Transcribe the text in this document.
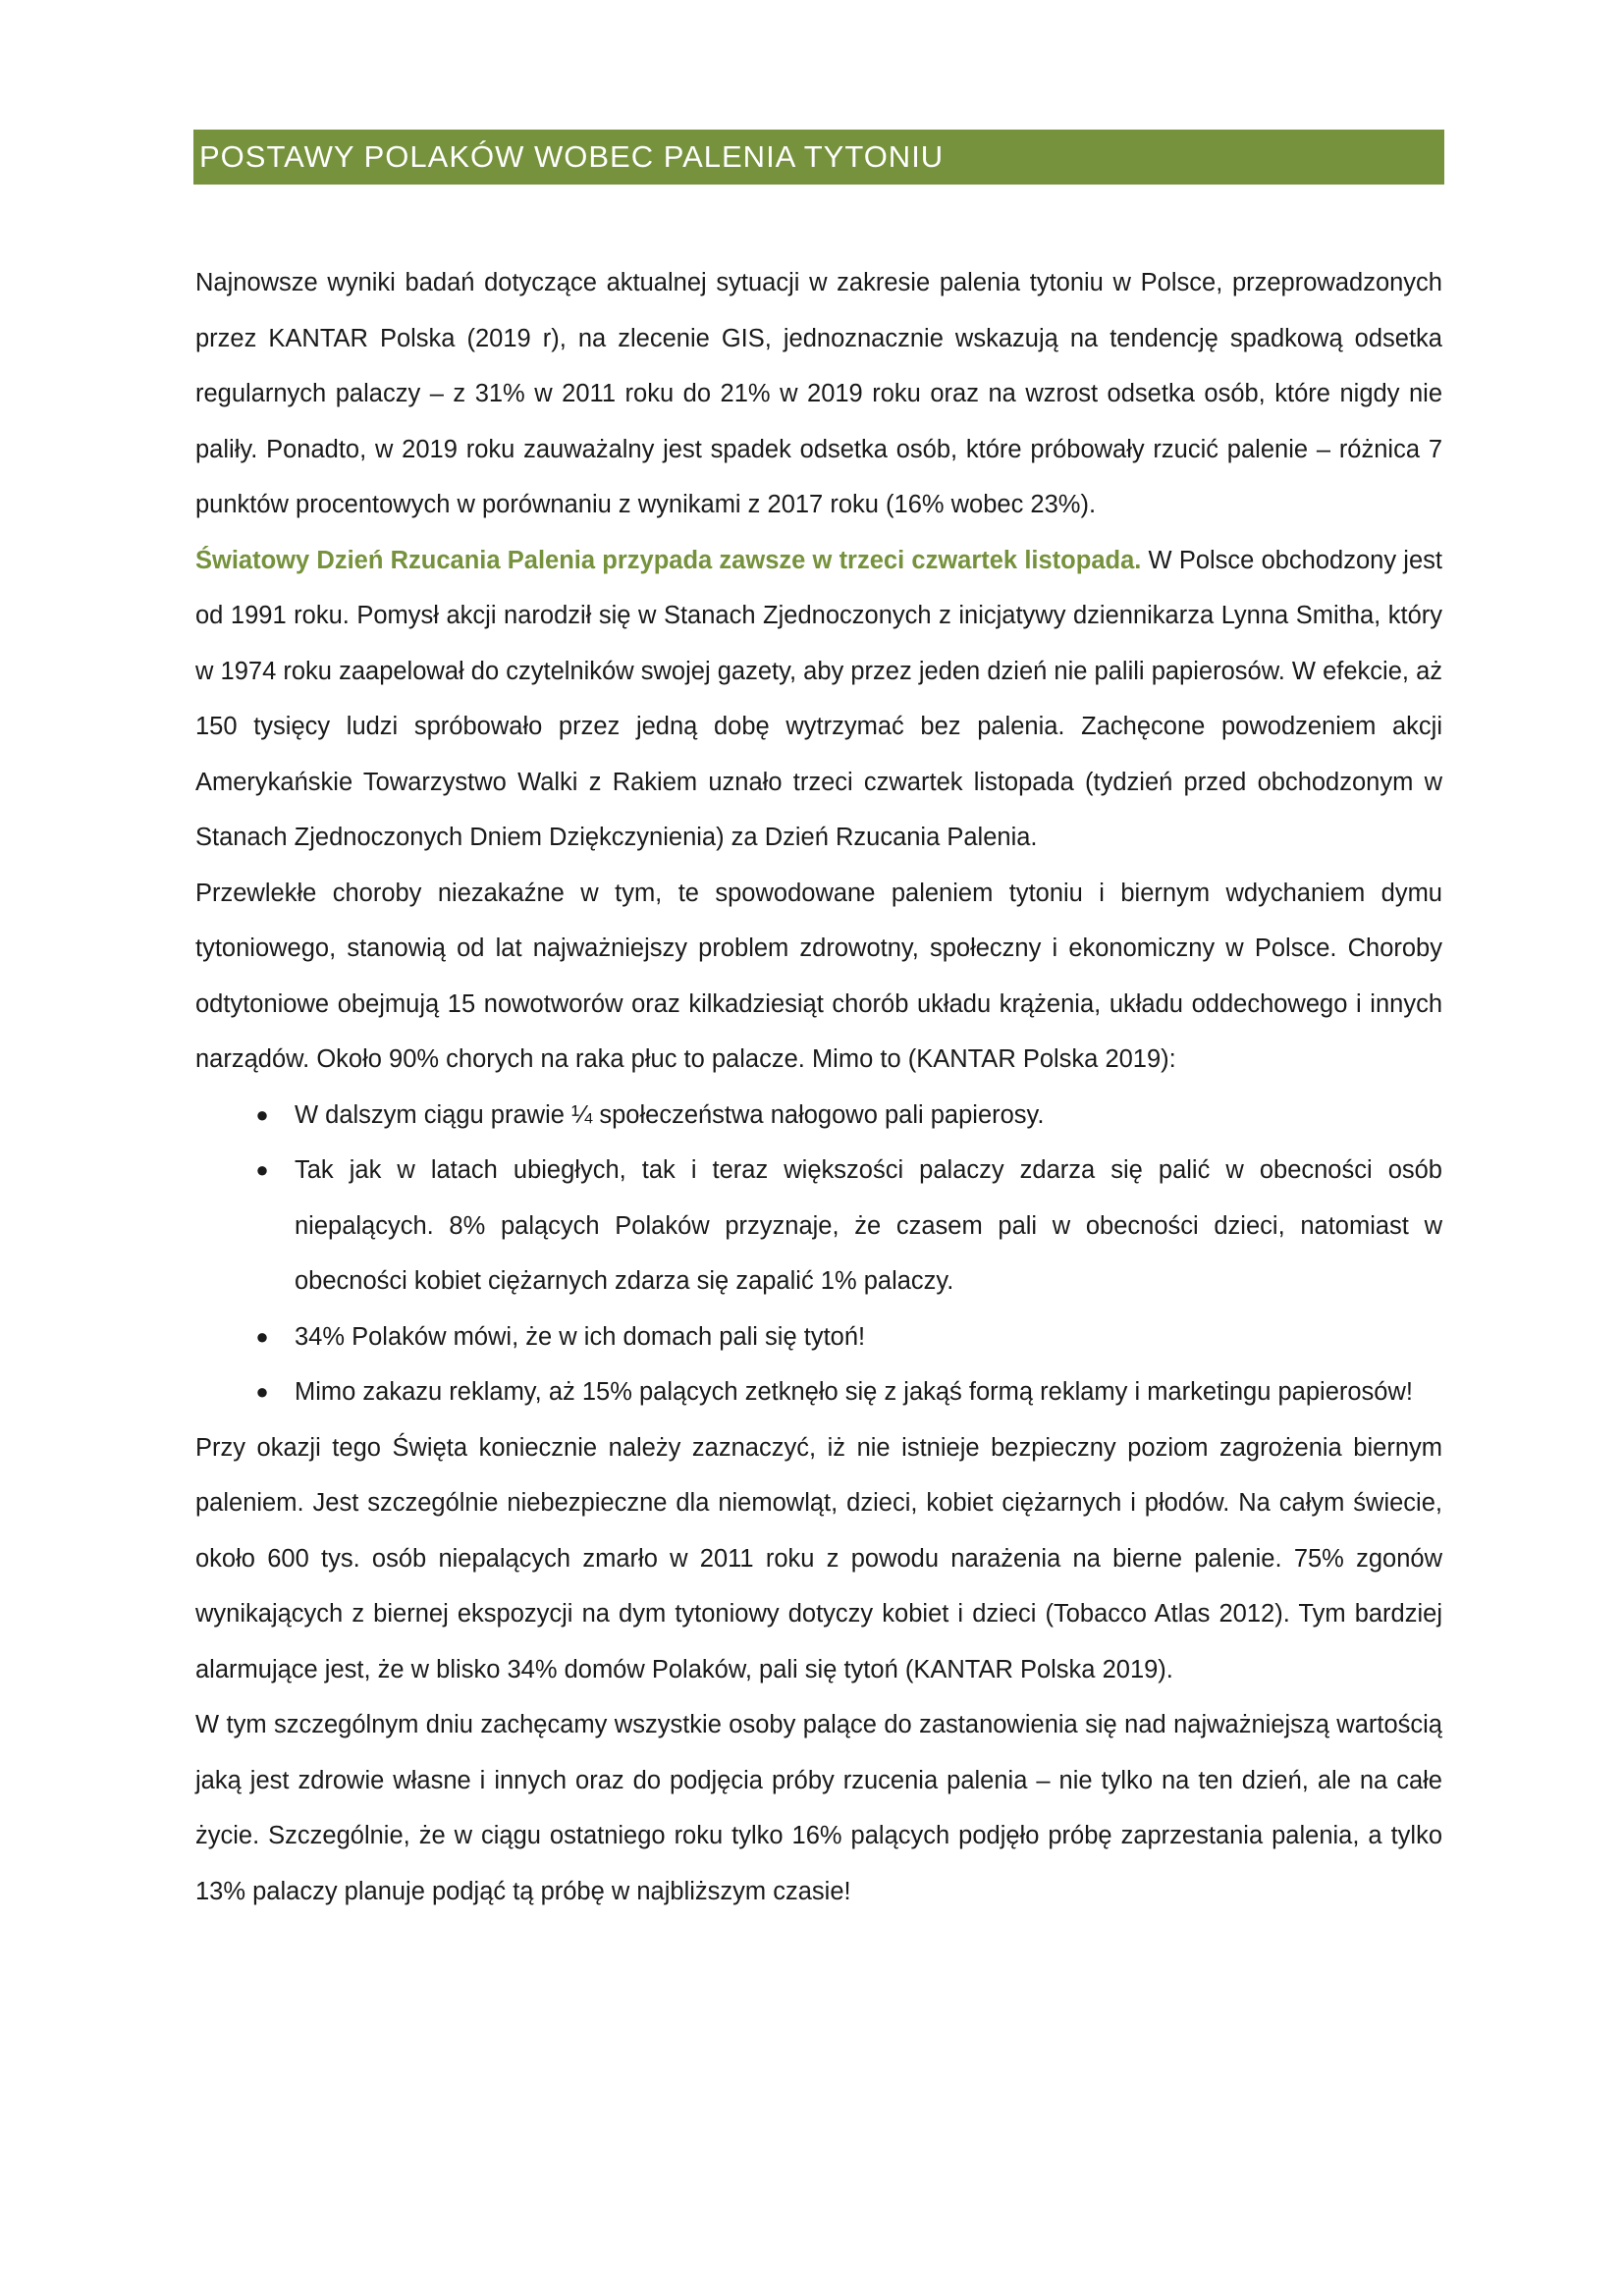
POSTAWY POLAKÓW WOBEC PALENIA TYTONIU

Najnowsze wyniki badań dotyczące aktualnej sytuacji w zakresie palenia tytoniu w Polsce, przeprowadzonych przez KANTAR Polska (2019 r), na zlecenie GIS, jednoznacznie wskazują na tendencję spadkową odsetka regularnych palaczy – z 31% w 2011 roku do 21% w 2019 roku oraz na wzrost odsetka osób, które nigdy nie paliły. Ponadto, w 2019 roku zauważalny jest spadek odsetka osób, które próbowały rzucić palenie – różnica 7 punktów procentowych w porównaniu z wynikami z 2017 roku (16% wobec 23%).

Światowy Dzień Rzucania Palenia przypada zawsze w trzeci czwartek listopada. W Polsce obchodzony jest od 1991 roku. Pomysł akcji narodził się w Stanach Zjednoczonych z inicjatywy dziennikarza Lynna Smitha, który w 1974 roku zaapelował do czytelników swojej gazety, aby przez jeden dzień nie palili papierosów. W efekcie, aż 150 tysięcy ludzi spróbowało przez jedną dobę wytrzymać bez palenia. Zachęcone powodzeniem akcji Amerykańskie Towarzystwo Walki z Rakiem uznało trzeci czwartek listopada (tydzień przed obchodzonym w Stanach Zjednoczonych Dniem Dziękczynienia) za Dzień Rzucania Palenia.

Przewlekłe choroby niezakaźne w tym, te spowodowane paleniem tytoniu i biernym wdychaniem dymu tytoniowego, stanowią od lat najważniejszy problem zdrowotny, społeczny i ekonomiczny w Polsce. Choroby odtytoniowe obejmują 15 nowotworów oraz kilkadziesiąt chorób układu krążenia, układu oddechowego i innych narządów. Około 90% chorych na raka płuc to palacze. Mimo to (KANTAR Polska 2019):

● W dalszym ciągu prawie ¼ społeczeństwa nałogowo pali papierosy.
● Tak jak w latach ubiegłych, tak i teraz większości palaczy zdarza się palić w obecności osób niepalących. 8% palących Polaków przyznaje, że czasem pali w obecności dzieci, natomiast w obecności kobiet ciężarnych zdarza się zapalić 1% palaczy.
● 34% Polaków mówi, że w ich domach pali się tytoń!
● Mimo zakazu reklamy, aż 15% palących zetknęło się z jakąś formą reklamy i marketingu papierosów!

Przy okazji tego Święta koniecznie należy zaznaczyć, iż nie istnieje bezpieczny poziom zagrożenia biernym paleniem. Jest szczególnie niebezpieczne dla niemowląt, dzieci, kobiet ciężarnych i płodów. Na całym świecie, około 600 tys. osób niepalących zmarło w 2011 roku z powodu narażenia na bierne palenie. 75% zgonów wynikających z biernej ekspozycji na dym tytoniowy dotyczy kobiet i dzieci (Tobacco Atlas 2012). Tym bardziej alarmujące jest, że w blisko 34% domów Polaków, pali się tytoń (KANTAR Polska 2019).

W tym szczególnym dniu zachęcamy wszystkie osoby palące do zastanowienia się nad najważniejszą wartością jaką jest zdrowie własne i innych oraz do podjęcia próby rzucenia palenia – nie tylko na ten dzień, ale na całe życie. Szczególnie, że w ciągu ostatniego roku tylko 16% palących podjęło próbę zaprzestania palenia, a tylko 13% palaczy planuje podjąć tą próbę w najbliższym czasie!
